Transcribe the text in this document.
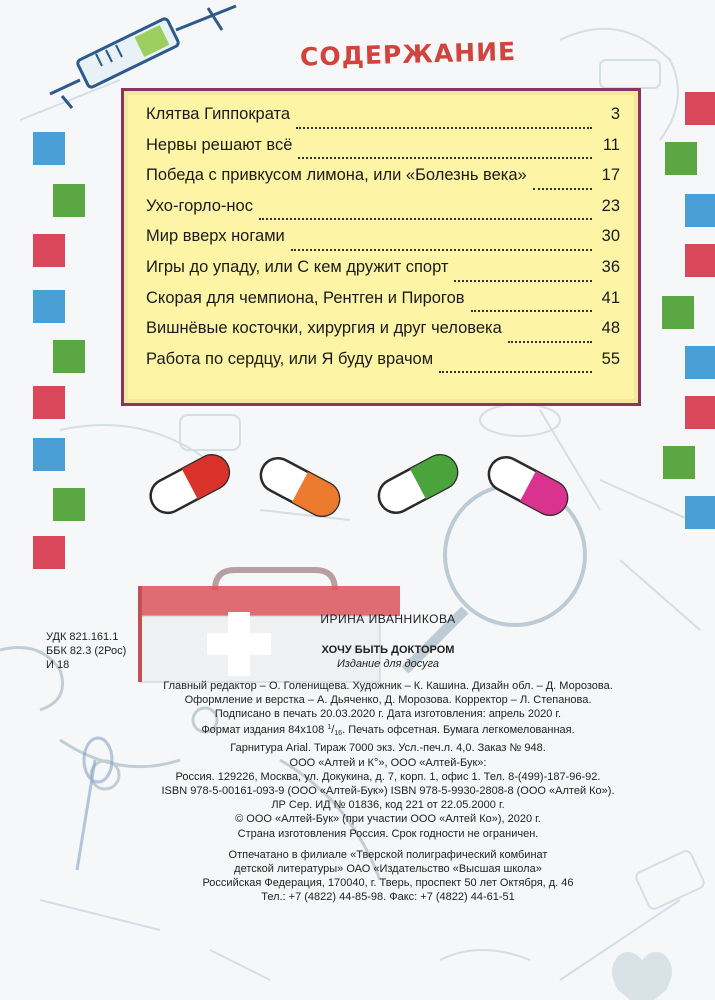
СОДЕРЖАНИЕ
Клятва Гиппократа	3
Нервы решают всё	11
Победа с привкусом лимона, или «Болезнь века»	17
Ухо-горло-нос	23
Мир вверх ногами	30
Игры до упаду, или С кем дружит спорт	36
Скорая для чемпиона, Рентген и Пирогов	41
Вишнёвые косточки, хирургия и друг человека	48
Работа по сердцу, или Я буду врачом	55
УДК 821.161.1
ББК 82.3 (2Рос)
И 18
ИРИНА ИВАННИКОВА
ХОЧУ БЫТЬ ДОКТОРОМ
Издание для досуга
Главный редактор – О. Голенищева. Художник – К. Кашина. Дизайн обл. – Д. Морозова.
Оформление и верстка – А. Дьяченко, Д. Морозова. Корректор – Л. Степанова.
Подписано в печать 20.03.2020 г. Дата изготовления: апрель 2020 г.
Формат издания 84х108 $^1/_{16}$. Печать офсетная. Бумага легкомелованная.
Гарнитура Arial. Тираж 7000 экз. Усл.-печ.л. 4,0. Заказ № 948.
ООО «Алтей и К°», ООО «Алтей-Бук»:
Россия. 129226, Москва, ул. Докукина, д. 7, корп. 1, офис 1. Тел. 8-(499)-187-96-92.
ISBN 978-5-00161-093-9 (ООО «Алтей-Бук») ISBN 978-5-9930-2808-8 (ООО «Алтей Ко»).
ЛР Сер. ИД № 01836, код 221 от 22.05.2000 г.
© ООО «Алтей-Бук» (при участии ООО «Алтей Ко»), 2020 г.
Страна изготовления Россия. Срок годности не ограничен.
Отпечатано в филиале «Тверской полиграфический комбинат
детской литературы» ОАО «Издательство «Высшая школа»
Российская Федерация, 170040, г. Тверь, проспект 50 лет Октября, д. 46
Тел.: +7 (4822) 44-85-98. Факс: +7 (4822) 44-61-51
